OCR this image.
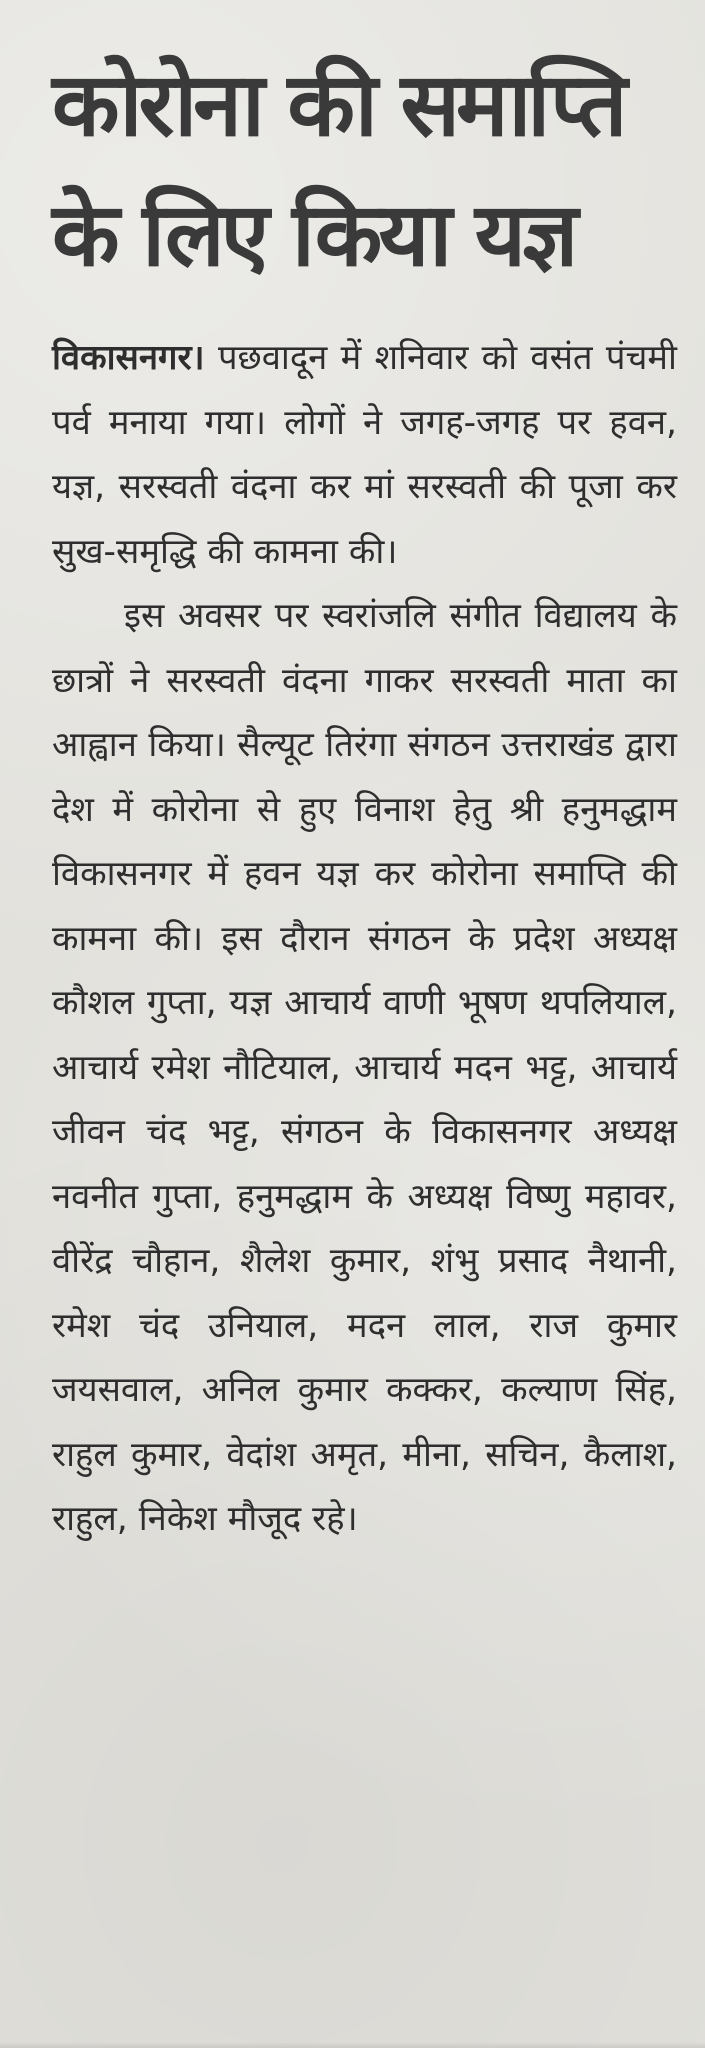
कोरोना की समाप्ति
के लिए किया यज्ञ

विकासनगर। पछवादून में शनिवार को वसंत पंचमी पर्व मनाया गया। लोगों ने जगह-जगह पर हवन, यज्ञ, सरस्वती वंदना कर मां सरस्वती की पूजा कर सुख-समृद्धि की कामना की।

इस अवसर पर स्वरांजलि संगीत विद्यालय के छात्रों ने सरस्वती वंदना गाकर सरस्वती माता का आह्वान किया। सैल्यूट तिरंगा संगठन उत्तराखंड द्वारा देश में कोरोना से हुए विनाश हेतु श्री हनुमद्धाम विकासनगर में हवन यज्ञ कर कोरोना समाप्ति की कामना की। इस दौरान संगठन के प्रदेश अध्यक्ष कौशल गुप्ता, यज्ञ आचार्य वाणी भूषण थपलियाल, आचार्य रमेश नौटियाल, आचार्य मदन भट्ट, आचार्य जीवन चंद भट्ट, संगठन के विकासनगर अध्यक्ष नवनीत गुप्ता, हनुमद्धाम के अध्यक्ष विष्णु महावर, वीरेंद्र चौहान, शैलेश कुमार, शंभु प्रसाद नैथानी, रमेश चंद उनियाल, मदन लाल, राज कुमार जयसवाल, अनिल कुमार कक्कर, कल्याण सिंह, राहुल कुमार, वेदांश अमृत, मीना, सचिन, कैलाश, राहुल, निकेश मौजूद रहे।
